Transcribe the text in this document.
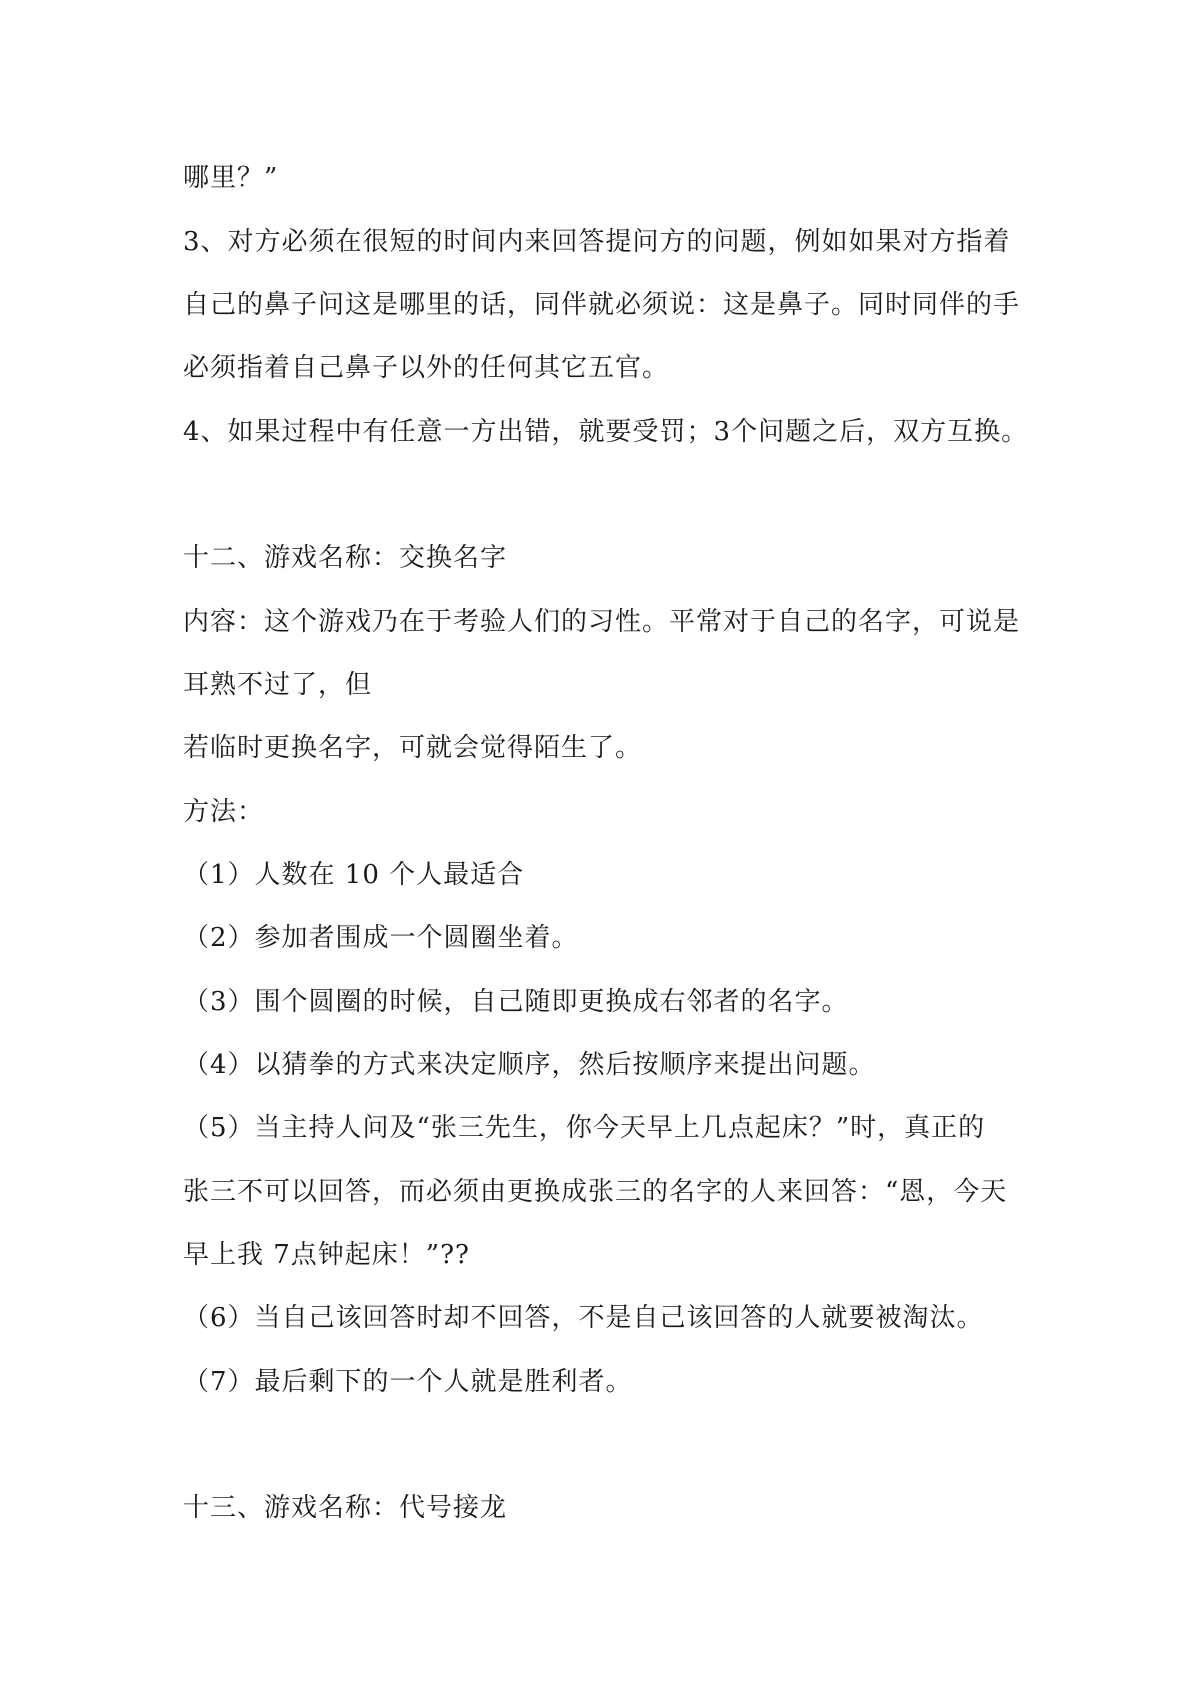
哪里？”
3、对方必须在很短的时间内来回答提问方的问题，例如如果对方指着
自己的鼻子问这是哪里的话，同伴就必须说：这是鼻子。同时同伴的手
必须指着自己鼻子以外的任何其它五官。
4、如果过程中有任意一方出错，就要受罚；3个问题之后，双方互换。
十二、游戏名称：交换名字
内容：这个游戏乃在于考验人们的习性。平常对于自己的名字，可说是
耳熟不过了，但
若临时更换名字，可就会觉得陌生了。
方法：
（1）人数在 10 个人最适合
（2）参加者围成一个圆圈坐着。
（3）围个圆圈的时候，自己随即更换成右邻者的名字。
（4）以猜拳的方式来决定顺序，然后按顺序来提出问题。
（5）当主持人问及“张三先生，你今天早上几点起床？”时，真正的
张三不可以回答，而必须由更换成张三的名字的人来回答：“恩，今天
早上我 7点钟起床！”??
（6）当自己该回答时却不回答，不是自己该回答的人就要被淘汰。
（7）最后剩下的一个人就是胜利者。
十三、游戏名称：代号接龙
